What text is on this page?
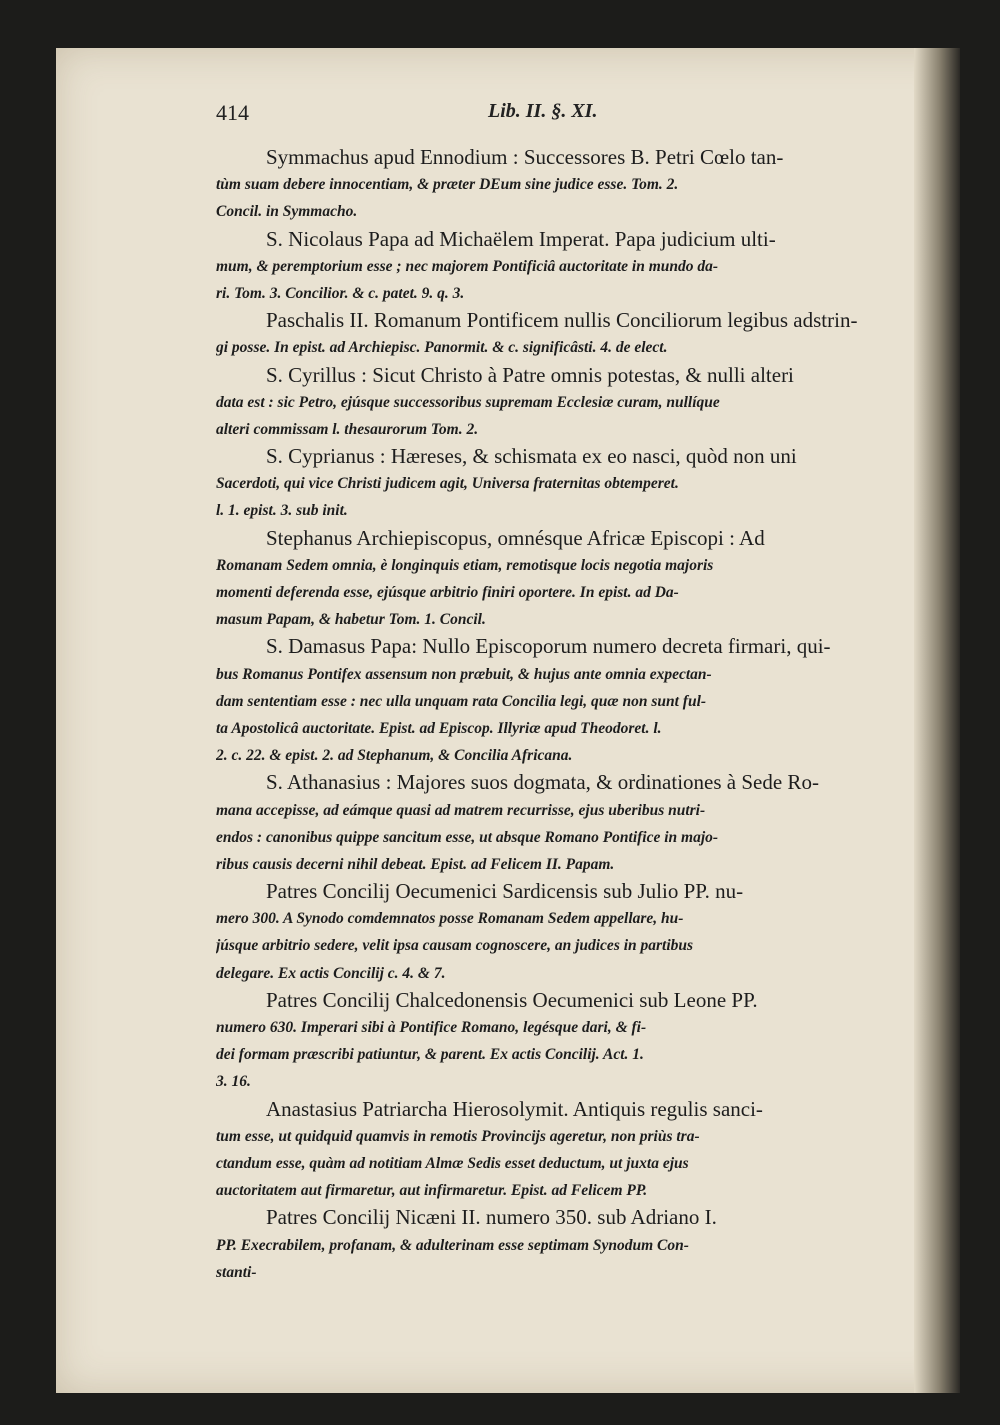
414	Lib. II. §. XI.
Symmachus apud Ennodium : Successores B. Petri Cœlo tan-
tùm suam debere innocentiam, & præter DEum sine judice esse. Tom. 2.
Concil. in Symmacho.
S. Nicolaus Papa ad Michaëlem Imperat. Papa judicium ulti-
mum, & peremptorium esse ; nec majorem Pontificiâ auctoritate in mundo da-
ri. Tom. 3. Concilior. & c. patet. 9. q. 3.
Paschalis II. Romanum Pontificem nullis Conciliorum legibus adstrin-
gi posse. In epist. ad Archiepisc. Panormit. & c. significâsti. 4. de elect.
S. Cyrillus : Sicut Christo à Patre omnis potestas, & nulli alteri
data est : sic Petro, ejúsque successoribus supremam Ecclesiæ curam, nullíque
alteri commissam l. thesaurorum Tom. 2.
S. Cyprianus : Hæreses, & schismata ex eo nasci, quòd non uni
Sacerdoti, qui vice Christi judicem agit, Universa fraternitas obtemperet.
l. 1. epist. 3. sub init.
Stephanus Archiepiscopus, omnésque Africæ Episcopi : Ad
Romanam Sedem omnia, è longinquis etiam, remotisque locis negotia majoris
momenti deferenda esse, ejúsque arbitrio finiri oportere. In epist. ad Da-
masum Papam, & habetur Tom. 1. Concil.
S. Damasus Papa: Nullo Episcoporum numero decreta firmari, qui-
bus Romanus Pontifex assensum non præbuit, & hujus ante omnia expectan-
dam sententiam esse : nec ulla unquam rata Concilia legi, quæ non sunt ful-
ta Apostolicâ auctoritate. Epist. ad Episcop. Illyriæ apud Theodoret. l.
2. c. 22. & epist. 2. ad Stephanum, & Concilia Africana.
S. Athanasius : Majores suos dogmata, & ordinationes à Sede Ro-
mana accepisse, ad eámque quasi ad matrem recurrisse, ejus uberibus nutri-
endos : canonibus quippe sancitum esse, ut absque Romano Pontifice in majo-
ribus causis decerni nihil debeat. Epist. ad Felicem II. Papam.
Patres Concilij Oecumenici Sardicensis sub Julio PP. nu-
mero 300. A Synodo comdemnatos posse Romanam Sedem appellare, hu-
júsque arbitrio sedere, velit ipsa causam cognoscere, an judices in partibus
delegare. Ex actis Concilij c. 4. & 7.
Patres Concilij Chalcedonensis Oecumenici sub Leone PP.
numero 630. Imperari sibi à Pontifice Romano, legésque dari, & fi-
dei formam præscribi patiuntur, & parent. Ex actis Concilij. Act. 1.
3. 16.
Anastasius Patriarcha Hierosolymit. Antiquis regulis sanci-
tum esse, ut quidquid quamvis in remotis Provincijs ageretur, non priùs tra-
ctandum esse, quàm ad notitiam Almæ Sedis esset deductum, ut juxta ejus
auctoritatem aut firmaretur, aut infirmaretur. Epist. ad Felicem PP.
Patres Concilij Nicæni II. numero 350. sub Adriano I.
PP. Execrabilem, profanam, & adulterinam esse septimam Synodum Con-
stanti-
